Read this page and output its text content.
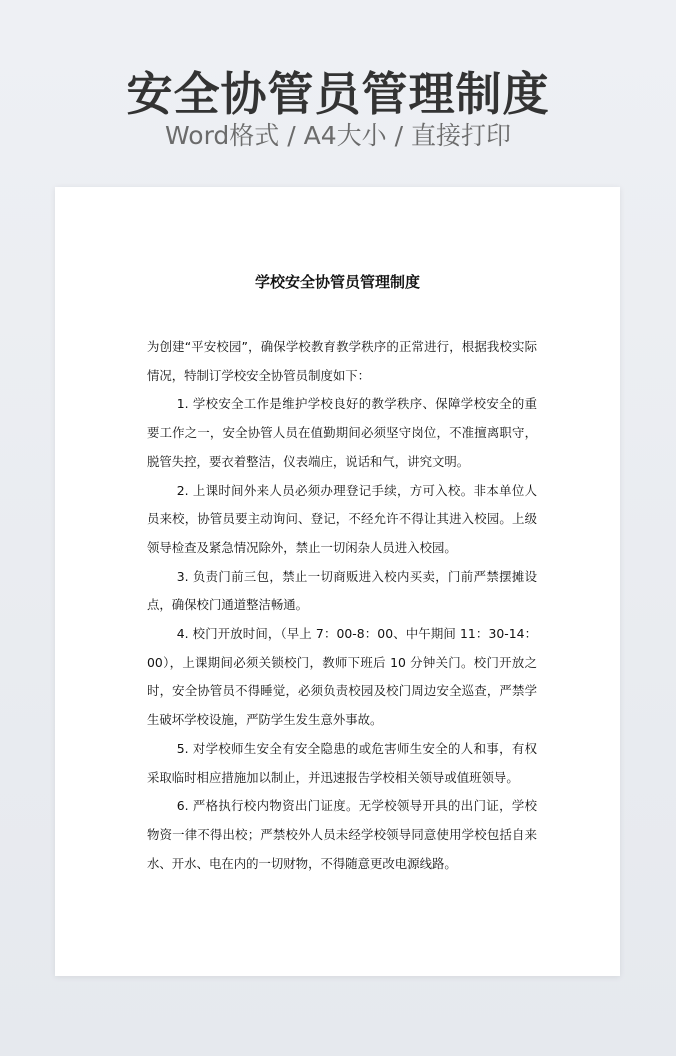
安全协管员管理制度
Word格式 / A4大小 / 直接打印
学校安全协管员管理制度

为创建“平安校园”，确保学校教育教学秩序的正常进行，根据我校实际情况，特制订学校安全协管员制度如下：

1. 学校安全工作是维护学校良好的教学秩序、保障学校安全的重要工作之一，安全协管人员在值勤期间必须坚守岗位，不准擅离职守，脱管失控，要衣着整洁，仪表端庄，说话和气，讲究文明。

2. 上课时间外来人员必须办理登记手续，方可入校。非本单位人员来校，协管员要主动询问、登记，不经允许不得让其进入校园。上级领导检查及紧急情况除外，禁止一切闲杂人员进入校园。

3. 负责门前三包，禁止一切商贩进入校内买卖，门前严禁摆摊设点，确保校门通道整洁畅通。

4. 校门开放时间，（早上 7：00-8：00、中午期间 11：30-14：00），上课期间必须关锁校门，教师下班后 10 分钟关门。校门开放之时，安全协管员不得睡觉，必须负责校园及校门周边安全巡查，严禁学生破坏学校设施，严防学生发生意外事故。

5. 对学校师生安全有安全隐患的或危害师生安全的人和事，有权采取临时相应措施加以制止，并迅速报告学校相关领导或值班领导。

6. 严格执行校内物资出门证度。无学校领导开具的出门证，学校物资一律不得出校；严禁校外人员未经学校领导同意使用学校包括自来水、开水、电在内的一切财物，不得随意更改电源线路。
